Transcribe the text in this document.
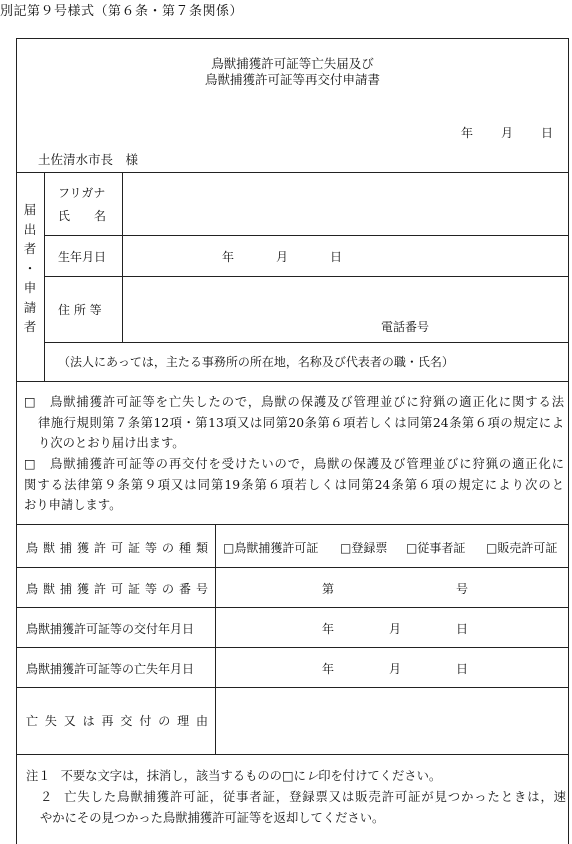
別記第９号様式（第６条・第７条関係）
鳥獣捕獲許可証等亡失届及び
鳥獣捕獲許可証等再交付申請書
年 月 日
土佐清水市長　様
届
出
者
・
申
請
者
フリガナ
氏　　名
生年月日	年	月	日
住 所 等
電話番号
（法人にあっては，主たる事務所の所在地，名称及び代表者の職・氏名）
□	鳥獣捕獲許可証等を亡失したので，鳥獣の保護及び管理並びに狩猟の適正化に関する法
律施行規則第７条第12項・第13項又は同第20条第６項若しくは同第24条第６項の規定によ
り次のとおり届け出ます。
□	鳥獣捕獲許可証等の再交付を受けたいので，鳥獣の保護及び管理並びに狩猟の適正化に
関する法律第９条第９項又は同第19条第６項若しくは同第24条第６項の規定により次のと
おり申請します。
鳥獣捕獲許可証等の種類 □鳥獣捕獲許可証 □登録票 □従事者証 □販売許可証
鳥獣捕獲許可証等の番号	第	号
鳥獣捕獲許可証等の交付年月日	年	月	日
鳥獣捕獲許可証等の亡失年月日	年	月	日
亡失又は再交付の理由
注１ 不要な文字は，抹消し，該当するものの□にレ印を付けてください。
２ 亡失した鳥獣捕獲許可証，従事者証，登録票又は販売許可証が見つかったときは，速
やかにその見つかった鳥獣捕獲許可証等を返却してください。
